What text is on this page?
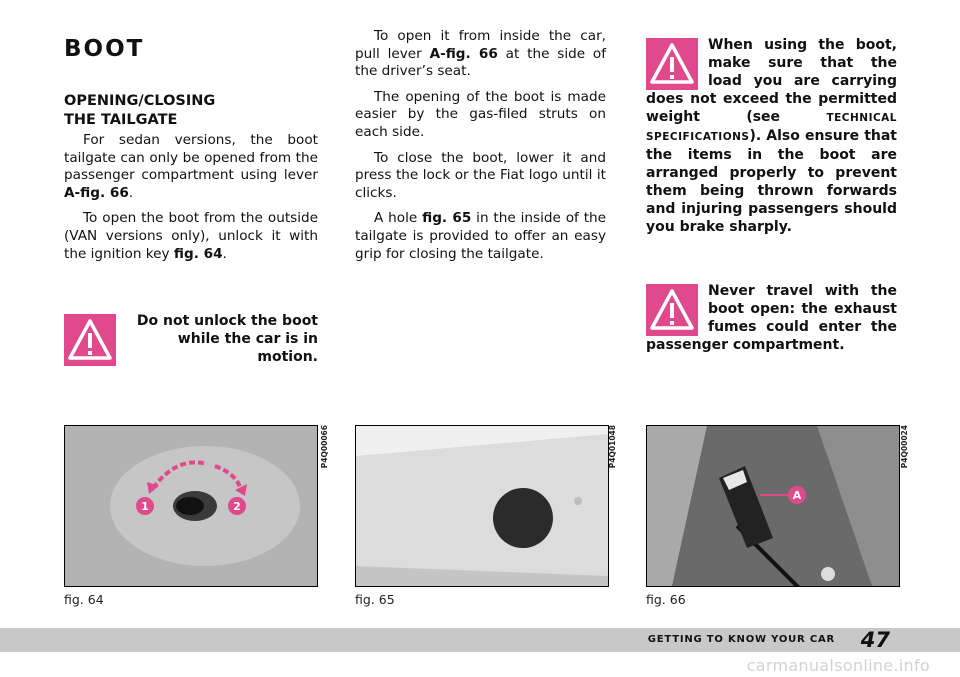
BOOT
OPENING/CLOSING
THE TAILGATE

For sedan versions, the boot tailgate can only be opened from the passenger compartment using lever A-fig. 66.

To open the boot from the outside (VAN versions only), unlock it with the ignition key fig. 64.

Do not unlock the boot while the car is in motion.

To open it from inside the car, pull lever A-fig. 66 at the side of the driver’s seat.

The opening of the boot is made easier by the gas-filed struts on each side.

To close the boot, lower it and press the lock or the Fiat logo until it clicks.

A hole fig. 65 in the inside of the tailgate is provided to offer an easy grip for closing the tailgate.

When using the boot, make sure that the load you are carrying does not exceed the permitted weight (see TECHNICAL SPECIFICATIONS). Also ensure that the items in the boot are arranged properly to prevent them being thrown forwards and injuring passengers should you brake sharply.
Never travel with the boot open: the exhaust fumes could enter the passenger compartment.
1	2
P4Q00066
fig. 64
P4Q01048
fig. 65
A
P4Q00024
fig. 66
GETTING TO KNOW YOUR CAR 47
carmanualsonline.info
